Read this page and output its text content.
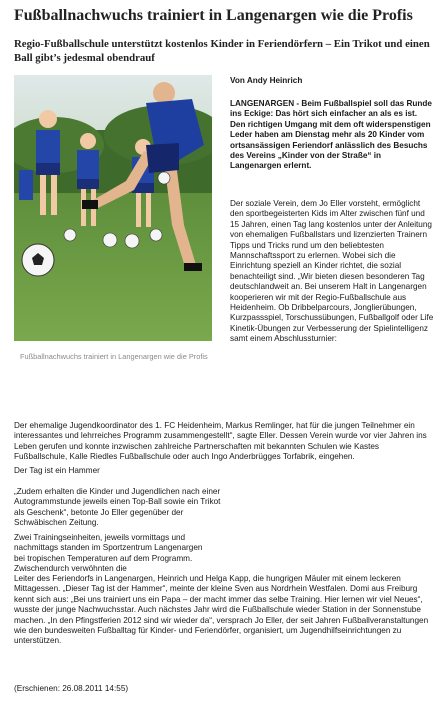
Fußballnachwuchs trainiert in Langenargen wie die Profis
Regio-Fußballschule unterstützt kostenlos Kinder in Feriendörfern – Ein Trikot und einen Ball gibt’s jedesmal obendrauf
Fußballnachwuchs trainiert in Langenargen wie die Profis
Von Andy Heinrich

LANGENARGEN - Beim Fußballspiel soll das Runde ins Eckige: Das hört sich einfacher an als es ist. Den richtigen Umgang mit dem oft widerspenstigen Leder haben am Dienstag mehr als 20 Kinder vom ortsansässigen Feriendorf anlässlich des Besuchs des Vereins „Kinder von der Straße“ in Langenargen erlernt.

Der soziale Verein, dem Jo Eller vorsteht, ermöglicht den sportbegeisterten Kids im Alter zwischen fünf und 15 Jahren, einen Tag lang kostenlos unter der Anleitung von ehemaligen Fußballstars und lizenzierten Trainern Tipps und Tricks rund um den beliebtesten Mannschaftssport zu erlernen. Wobei sich die Einrichtung speziell an Kinder richtet, die sozial benachteiligt sind. „Wir bieten diesen besonderen Tag deutschlandweit an. Bei unserem Halt in Langenargen kooperieren wir mit der Regio-Fußballschule aus Heidenheim. Ob Dribbelparcours, Jonglierübungen, Kurzpassspiel, Torschussübungen, Fußballgolf oder Life Kinetik-Übungen zur Verbesserung der Spielintelligenz samt einem Abschlussturnier:

Der ehemalige Jugendkoordinator des 1. FC Heidenheim, Markus Remlinger, hat für die jungen Teilnehmer ein interessantes und lehrreiches Programm zusammengestellt“, sagte Eller. Dessen Verein wurde vor vier Jahren ins Leben gerufen und konnte inzwischen zahlreiche Partnerschaften mit bekannten Schulen wie Kastes Fußballschule, Kalle Riedles Fußballschule oder auch Ingo Anderbrügges Torfabrik, eingehen.

Der Tag ist ein Hammer

„Zudem erhalten die Kinder und Jugendlichen nach einer Autogrammstunde jeweils einen Top-Ball sowie ein Trikot als Geschenk“, betonte Jo Eller gegenüber der Schwäbischen Zeitung.

Zwei Trainingseinheiten, jeweils vormittags und nachmittags standen im Sportzentrum Langenargen bei tropischen Temperaturen auf dem Programm. Zwischendurch verwöhnten die

Leiter des Feriendorfs in Langenargen, Heinrich und Helga Kapp, die hungrigen Mäuler mit einem leckeren Mittagessen. „Dieser Tag ist der Hammer“, meinte der kleine Sven aus Nordrhein Westfalen. Domi aus Freiburg kennt sich aus: „Bei uns trainiert uns ein Papa – der macht immer das selbe Training. Hier lernen wir viel Neues“, wusste der junge Nachwuchsstar. Auch nächstes Jahr wird die Fußballschule wieder Station in der Sonnenstube machen. „In den Pfingstferien 2012 sind wir wieder da“, versprach Jo Eller, der seit Jahren Fußballveranstaltungen wie den bundesweiten Fußballtag für Kinder- und Feriendörfer, organisiert, um Jugendhilfseinrichtungen zu unterstützen.

(Erschienen: 26.08.2011 14:55)
